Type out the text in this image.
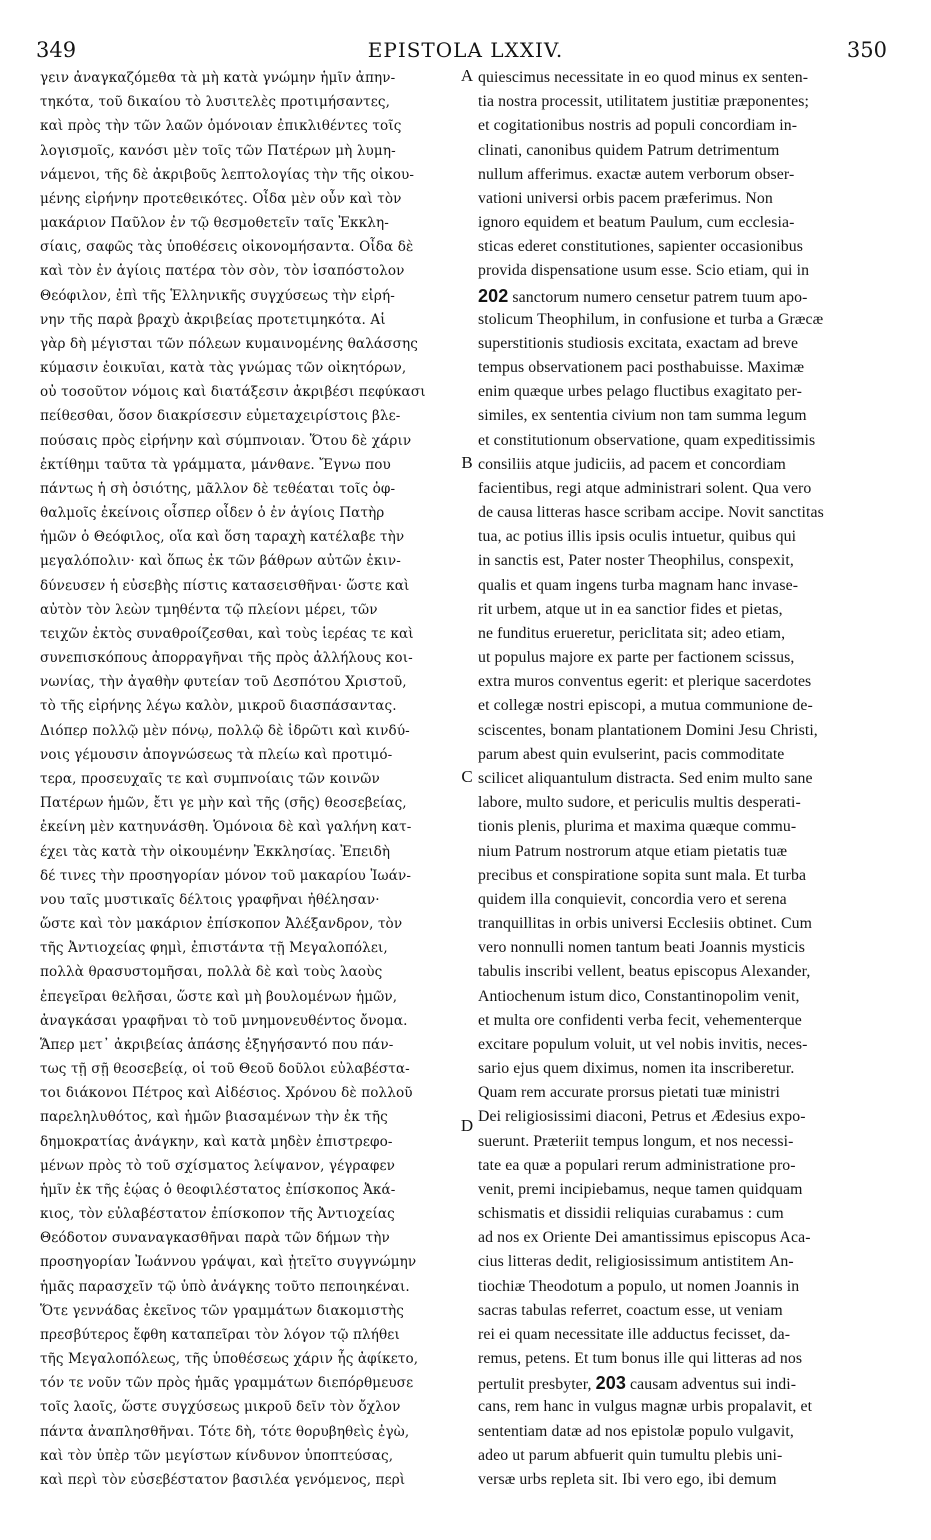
349	EPISTOLA LXXIV.	350
γειν ἀναγκαζόμεθα τὰ μὴ κατὰ γνώμην ἡμῖν ἀπην-
τηκότα, τοῦ δικαίου τὸ λυσιτελὲς προτιμήσαντες,
καὶ πρὸς τὴν τῶν λαῶν ὁμόνοιαν ἐπικλιθέντες τοῖς
λογισμοῖς, κανόσι μὲν τοῖς τῶν Πατέρων μὴ λυμη-
νάμενοι, τῆς δὲ ἀκριβοῦς λεπτολογίας τὴν τῆς οἰκου-
μένης εἰρήνην προτεθεικότες. Οἶδα μὲν οὖν καὶ τὸν
μακάριον Παῦλον ἐν τῷ θεσμοθετεῖν ταῖς Ἐκκλη-
σίαις, σαφῶς τὰς ὑποθέσεις οἰκονομήσαντα. Οἶδα δὲ
καὶ τὸν ἐν ἁγίοις πατέρα τὸν σὸν, τὸν ἰσαπόστολον
Θεόφιλον, ἐπὶ τῆς Ἑλληνικῆς συγχύσεως τὴν εἰρή-
νην τῆς παρὰ βραχὺ ἀκριβείας προτετιμηκότα. Αἱ
γὰρ δὴ μέγισται τῶν πόλεων κυμαινομένης θαλάσσης
κύμασιν ἐοικυῖαι, κατὰ τὰς γνώμας τῶν οἰκητόρων,
οὐ τοσοῦτον νόμοις καὶ διατάξεσιν ἀκριβέσι πεφύκασι
πείθεσθαι, ὅσον διακρίσεσιν εὐμεταχειρίστοις βλε-
πούσαις πρὸς εἰρήνην καὶ σύμπνοιαν. Ὅτου δὲ χάριν
ἐκτίθημι ταῦτα τὰ γράμματα, μάνθανε. Ἔγνω που
πάντως ἡ σὴ ὁσιότης, μᾶλλον δὲ τεθέαται τοῖς ὀφ-
θαλμοῖς ἐκείνοις οἷσπερ οἶδεν ὁ ἐν ἁγίοις Πατὴρ
ἡμῶν ὁ Θεόφιλος, οἵα καὶ ὅση ταραχὴ κατέλαβε τὴν
μεγαλόπολιν· καὶ ὅπως ἐκ τῶν βάθρων αὐτῶν ἐκιν-
δύνευσεν ἡ εὐσεβὴς πίστις κατασεισθῆναι· ὥστε καὶ
αὐτὸν τὸν λεὼν τμηθέντα τῷ πλείονι μέρει, τῶν
τειχῶν ἐκτὸς συναθροίζεσθαι, καὶ τοὺς ἱερέας τε καὶ
συνεπισκόπους ἀπορραγῆναι τῆς πρὸς ἀλλήλους κοι-
νωνίας, τὴν ἀγαθὴν φυτείαν τοῦ Δεσπότου Χριστοῦ,
τὸ τῆς εἰρήνης λέγω καλὸν, μικροῦ διασπάσαντας.
Διόπερ πολλῷ μὲν πόνῳ, πολλῷ δὲ ἱδρῶτι καὶ κινδύ-
νοις γέμουσιν ἀπογνώσεως τὰ πλείω καὶ προτιμό-
τερα, προσευχαῖς τε καὶ συμπνοίαις τῶν κοινῶν
Πατέρων ἡμῶν, ἔτι γε μὴν καὶ τῆς (σῆς) θεοσεβείας,
ἐκείνη μὲν κατηυνάσθη. Ὁμόνοια δὲ καὶ γαλήνη κατ-
έχει τὰς κατὰ τὴν οἰκουμένην Ἐκκλησίας. Ἐπειδὴ
δέ τινες τὴν προσηγορίαν μόνον τοῦ μακαρίου Ἰωάν-
νου ταῖς μυστικαῖς δέλτοις γραφῆναι ἠθέλησαν·
ὥστε καὶ τὸν μακάριον ἐπίσκοπον Ἀλέξανδρον, τὸν
τῆς Ἀντιοχείας φημὶ, ἐπιστάντα τῇ Μεγαλοπόλει,
πολλὰ θρασυστομῆσαι, πολλὰ δὲ καὶ τοὺς λαοὺς
ἐπεγεῖραι θελῆσαι, ὥστε καὶ μὴ βουλομένων ἡμῶν,
ἀναγκάσαι γραφῆναι τὸ τοῦ μνημονευθέντος ὄνομα.
Ἅπερ μετ᾽ ἀκριβείας ἁπάσης ἐξηγήσαντό που πάν-
τως τῇ σῇ θεοσεβείᾳ, οἱ τοῦ Θεοῦ δοῦλοι εὐλαβέστα-
τοι διάκονοι Πέτρος καὶ Αἰδέσιος. Χρόνου δὲ πολλοῦ
παρεληλυθότος, καὶ ἡμῶν βιασαμένων τὴν ἐκ τῆς
δημοκρατίας ἀνάγκην, καὶ κατὰ μηδὲν ἐπιστρεφο-
μένων πρὸς τὸ τοῦ σχίσματος λείψανον, γέγραφεν
ἡμῖν ἐκ τῆς ἑῴας ὁ θεοφιλέστατος ἐπίσκοπος Ἀκά-
κιος, τὸν εὐλαβέστατον ἐπίσκοπον τῆς Ἀντιοχείας
Θεόδοτον συναναγκασθῆναι παρὰ τῶν δήμων τὴν
προσηγορίαν Ἰωάννου γράψαι, καὶ ᾐτεῖτο συγγνώμην
ἡμᾶς παρασχεῖν τῷ ὑπὸ ἀνάγκης τοῦτο πεποιηκέναι.
Ὅτε γεννάδας ἐκεῖνος τῶν γραμμάτων διακομιστὴς
πρεσβύτερος ἔφθη καταπεῖραι τὸν λόγον τῷ πλήθει
τῆς Μεγαλοπόλεως, τῆς ὑποθέσεως χάριν ἧς ἀφίκετο,
τόν τε νοῦν τῶν πρὸς ἡμᾶς γραμμάτων διεπόρθμευσε
τοῖς λαοῖς, ὥστε συγχύσεως μικροῦ δεῖν τὸν ὄχλον
πάντα ἀναπλησθῆναι. Τότε δὴ, τότε θορυβηθεὶς ἐγὼ,
καὶ τὸν ὑπὲρ τῶν μεγίστων κίνδυνον ὑποπτεύσας,
καὶ περὶ τὸν εὐσεβέστατον βασιλέα γενόμενος, περὶ
quiescimus necessitate in eo quod minus ex senten-
tia nostra processit, utilitatem justitiæ præponentes;
et cogitationibus nostris ad populi concordiam in-
clinati, canonibus quidem Patrum detrimentum
nullum afferimus. exactæ autem verborum obser-
vationi universi orbis pacem præferimus. Non
ignoro equidem et beatum Paulum, cum ecclesia-
sticas ederet constitutiones, sapienter occasionibus
provida dispensatione usum esse. Scio etiam, qui in
202 sanctorum numero censetur patrem tuum apo-
stolicum Theophilum, in confusione et turba a Græcæ
superstitionis studiosis excitata, exactam ad breve
tempus observationem paci posthabuisse. Maximæ
enim quæque urbes pelago fluctibus exagitato per-
similes, ex sententia civium non tam summa legum
et constitutionum observatione, quam expeditissimis
consiliis atque judiciis, ad pacem et concordiam
facientibus, regi atque administrari solent. Qua vero
de causa litteras hasce scribam accipe. Novit sanctitas
tua, ac potius illis ipsis oculis intuetur, quibus qui
in sanctis est, Pater noster Theophilus, conspexit,
qualis et quam ingens turba magnam hanc invase-
rit urbem, atque ut in ea sanctior fides et pietas,
ne funditus erueretur, periclitata sit; adeo etiam,
ut populus majore ex parte per factionem scissus,
extra muros conventus egerit: et plerique sacerdotes
et collegæ nostri episcopi, a mutua communione de-
sciscentes, bonam plantationem Domini Jesu Christi,
parum abest quin evulserint, pacis commoditate
scilicet aliquantulum distracta. Sed enim multo sane
labore, multo sudore, et periculis multis desperati-
tionis plenis, plurima et maxima quæque commu-
nium Patrum nostrorum atque etiam pietatis tuæ
precibus et conspiratione sopita sunt mala. Et turba
quidem illa conquievit, concordia vero et serena
tranquillitas in orbis universi Ecclesiis obtinet. Cum
vero nonnulli nomen tantum beati Joannis mysticis
tabulis inscribi vellent, beatus episcopus Alexander,
Antiochenum istum dico, Constantinopolim venit,
et multa ore confidenti verba fecit, vehementerque
excitare populum voluit, ut vel nobis invitis, neces-
sario ejus quem diximus, nomen ita inscriberetur.
Quam rem accurate prorsus pietati tuæ ministri
Dei religiosissimi diaconi, Petrus et Ædesius expo-
suerunt. Præteriit tempus longum, et nos necessi-
tate ea quæ a populari rerum administratione pro-
venit, premi incipiebamus, neque tamen quidquam
schismatis et dissidii reliquias curabamus : cum
ad nos ex Oriente Dei amantissimus episcopus Aca-
cius litteras dedit, religiosissimum antistitem An-
tiochiæ Theodotum a populo, ut nomen Joannis in
sacras tabulas referret, coactum esse, ut veniam
rei ei quam necessitate ille adductus fecisset, da-
remus, petens. Et tum bonus ille qui litteras ad nos
pertulit presbyter, 203 causam adventus sui indi-
cans, rem hanc in vulgus magnæ urbis propalavit, et
sententiam datæ ad nos epistolæ populo vulgavit,
adeo ut parum abfuerit quin tumultu plebis uni-
versæ urbs repleta sit. Ibi vero ego, ibi demum
A
B
C
D
